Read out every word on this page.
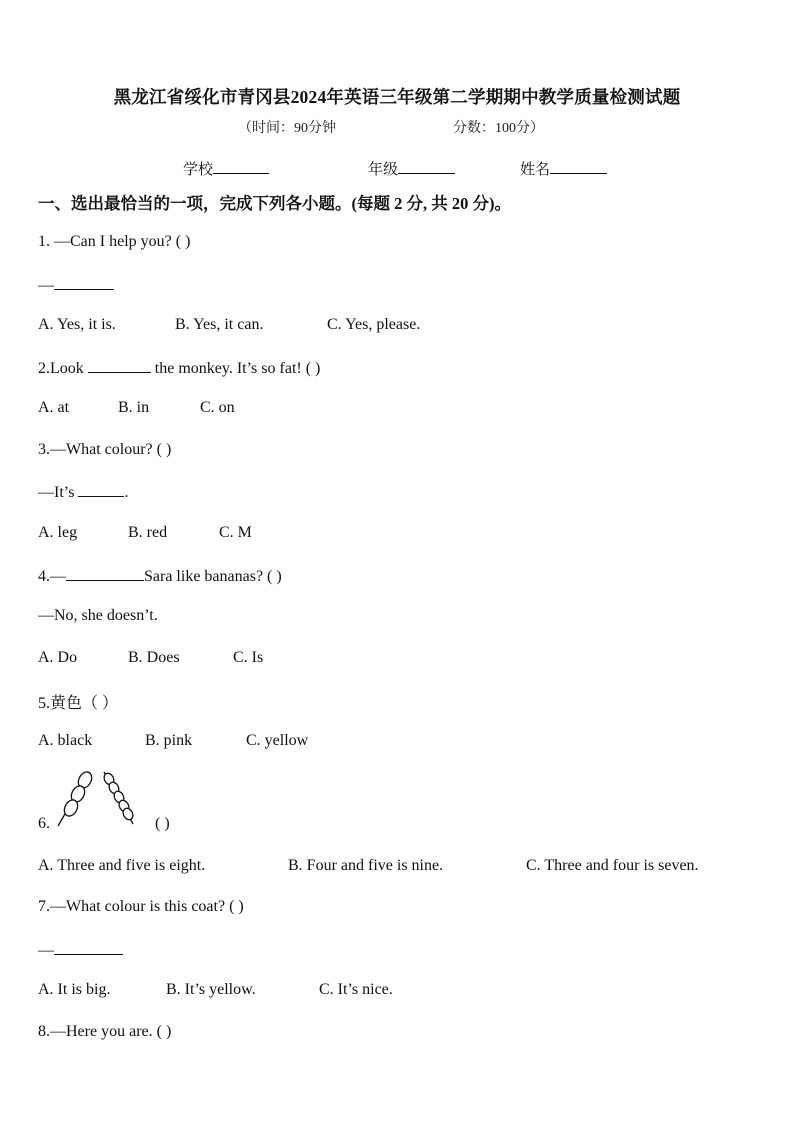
黑龙江省绥化市青冈县2024年英语三年级第二学期期中教学质量检测试题
（时间：90分钟	分数：100分）
学校	年级	姓名
一、选出最恰当的一项，完成下列各小题。(每题 2 分, 共 20 分)。
1. —Can I help you? ( )
—
A. Yes, it is.	B. Yes, it can.	C. Yes, please.
2.Look	the monkey. It’s so fat! ( )
A. at	B. in	C. on
3.—What colour? ( )
—It’s	.
A. leg	B. red	C. M
4.—	Sara like bananas? ( )
—No, she doesn’t.
A. Do	B. Does	C. Is
5.黄色（ ）
A. black	B. pink	C. yellow
6.	( )
A. Three and five is eight.	B. Four and five is nine.	C. Three and four is seven.
7.—What colour is this coat? ( )
—
A. It is big.	B. It’s yellow.	C. It’s nice.
8.—Here you are. ( )
